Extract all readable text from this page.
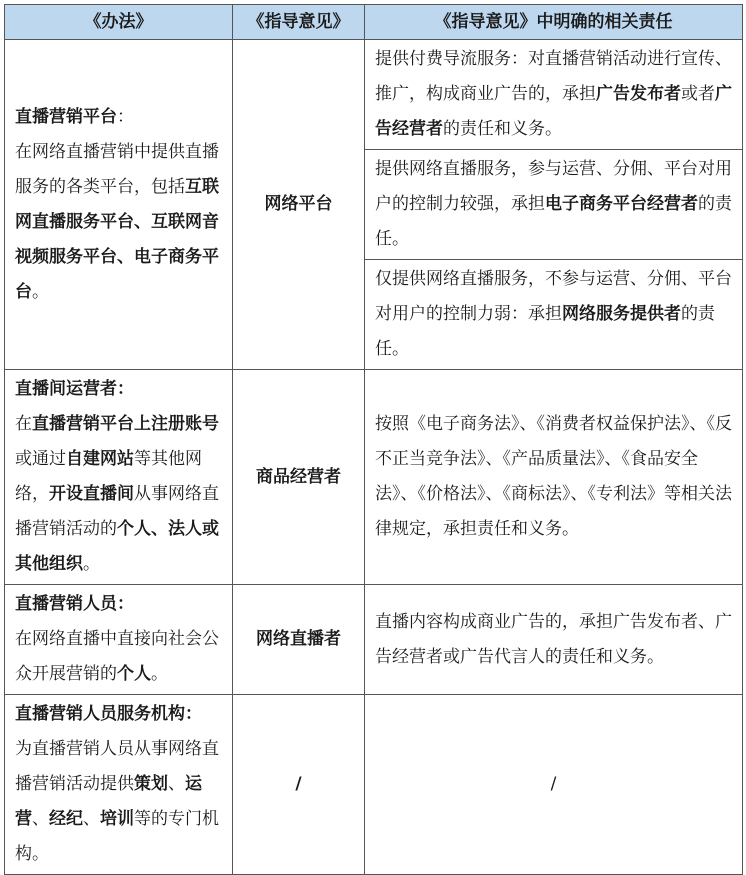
《办法》	《指导意见》	《指导意见》中明确的相关责任
直播营销平台：
在网络直播营销中提供直播服务的各类平台，包括互联网直播服务平台、互联网音视频服务平台、电子商务平台。	网络平台	提供付费导流服务：对直播营销活动进行宣传、推广，构成商业广告的，承担广告发布者或者广告经营者的责任和义务。
		提供网络直播服务，参与运营、分佣、平台对用户的控制力较强，承担电子商务平台经营者的责任。
		仅提供网络直播服务，不参与运营、分佣、平台对用户的控制力弱：承担网络服务提供者的责任。
直播间运营者：
在直播营销平台上注册账号或通过自建网站等其他网络，开设直播间从事网络直播营销活动的个人、法人或其他组织。	商品经营者	按照《电子商务法》、《消费者权益保护法》、《反不正当竞争法》、《产品质量法》、《食品安全法》、《价格法》、《商标法》、《专利法》等相关法律规定，承担责任和义务。
直播营销人员：
在网络直播中直接向社会公众开展营销的个人。	网络直播者	直播内容构成商业广告的，承担广告发布者、广告经营者或广告代言人的责任和义务。
直播营销人员服务机构：
为直播营销人员从事网络直播营销活动提供策划、运营、经纪、培训等的专门机构。	/	/
